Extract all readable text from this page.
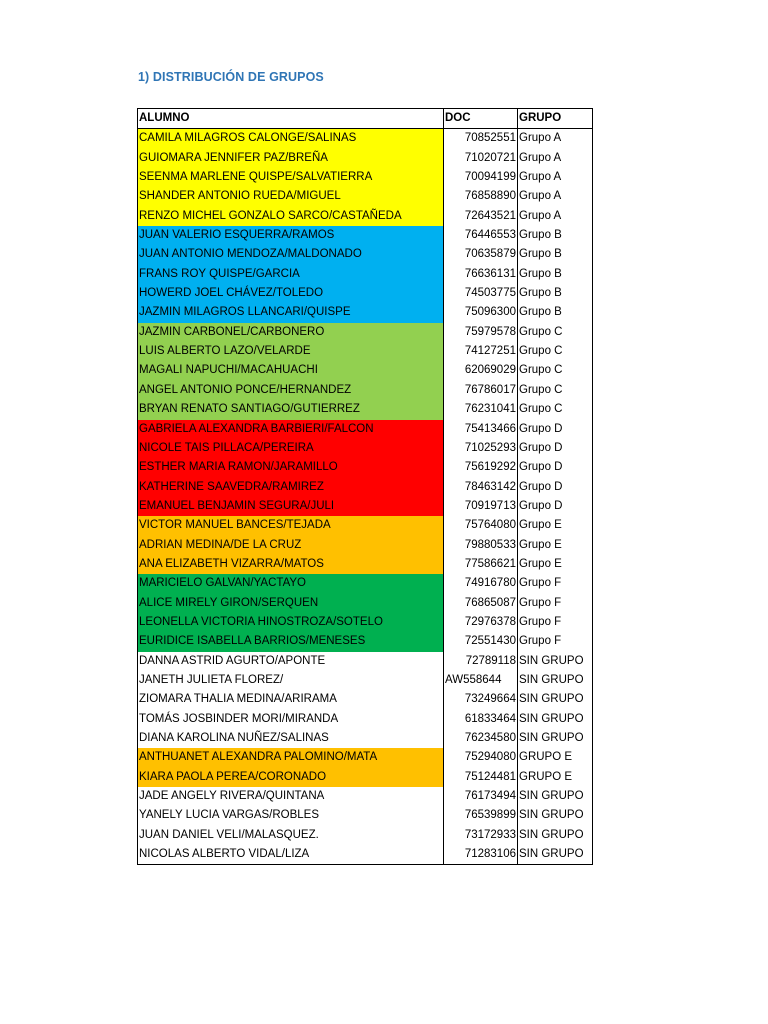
1) DISTRIBUCIÓN DE GRUPOS
ALUMNO	DOC	GRUPO
CAMILA MILAGROS CALONGE/SALINAS	70852551	Grupo A
GUIOMARA JENNIFER PAZ/BREÑA	71020721	Grupo A
SEENMA MARLENE QUISPE/SALVATIERRA	70094199	Grupo A
SHANDER ANTONIO RUEDA/MIGUEL	76858890	Grupo A
RENZO MICHEL GONZALO SARCO/CASTAÑEDA	72643521	Grupo A
JUAN VALERIO ESQUERRA/RAMOS	76446553	Grupo B
JUAN ANTONIO MENDOZA/MALDONADO	70635879	Grupo B
FRANS ROY QUISPE/GARCIA	76636131	Grupo B
HOWERD JOEL CHÁVEZ/TOLEDO	74503775	Grupo B
JAZMIN MILAGROS LLANCARI/QUISPE	75096300	Grupo B
JAZMIN CARBONEL/CARBONERO	75979578	Grupo C
LUIS ALBERTO LAZO/VELARDE	74127251	Grupo C
MAGALI NAPUCHI/MACAHUACHI	62069029	Grupo C
ANGEL ANTONIO PONCE/HERNANDEZ	76786017	Grupo C
BRYAN RENATO SANTIAGO/GUTIERREZ	76231041	Grupo C
GABRIELA ALEXANDRA BARBIERI/FALCON	75413466	Grupo D
NICOLE TAIS PILLACA/PEREIRA	71025293	Grupo D
ESTHER MARIA RAMON/JARAMILLO	75619292	Grupo D
KATHERINE SAAVEDRA/RAMIREZ	78463142	Grupo D
EMANUEL BENJAMIN SEGURA/JULI	70919713	Grupo D
VICTOR MANUEL BANCES/TEJADA	75764080	Grupo E
ADRIAN MEDINA/DE LA CRUZ	79880533	Grupo E
ANA ELIZABETH VIZARRA/MATOS	77586621	Grupo E
MARICIELO GALVAN/YACTAYO	74916780	Grupo F
ALICE MIRELY GIRON/SERQUEN	76865087	Grupo F
LEONELLA VICTORIA HINOSTROZA/SOTELO	72976378	Grupo F
EURIDICE ISABELLA BARRIOS/MENESES	72551430	Grupo F
DANNA ASTRID AGURTO/APONTE	72789118	SIN GRUPO
JANETH JULIETA FLOREZ/	AW558644	SIN GRUPO
ZIOMARA THALIA MEDINA/ARIRAMA	73249664	SIN GRUPO
TOMÁS JOSBINDER MORI/MIRANDA	61833464	SIN GRUPO
DIANA KAROLINA NUÑEZ/SALINAS	76234580	SIN GRUPO
ANTHUANET ALEXANDRA PALOMINO/MATA	75294080	GRUPO E
KIARA PAOLA PEREA/CORONADO	75124481	GRUPO E
JADE ANGELY RIVERA/QUINTANA	76173494	SIN GRUPO
YANELY LUCIA VARGAS/ROBLES	76539899	SIN GRUPO
JUAN DANIEL VELI/MALASQUEZ.	73172933	SIN GRUPO
NICOLAS ALBERTO VIDAL/LIZA	71283106	SIN GRUPO
